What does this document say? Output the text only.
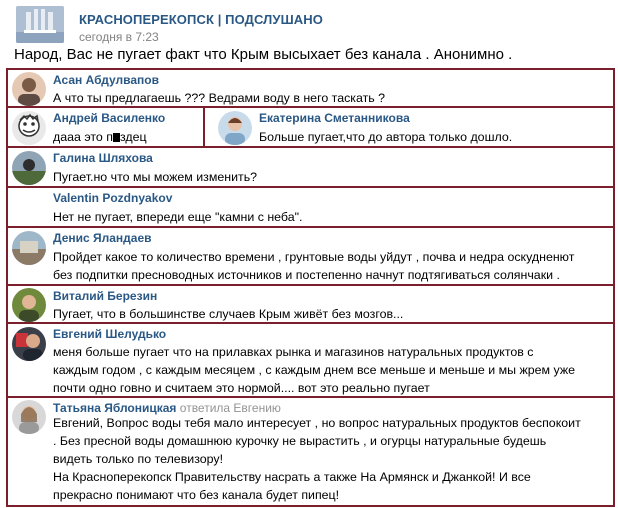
КРАСНОПЕРЕКОПСК | ПОДСЛУШАНО
сегодня в 7:23
Народ, Вас не пугает факт что Крым высыхает без канала . Анонимно .
Асан Абдулвапов
А что ты предлагаешь ??? Ведрами воду в него таскать ?
Андрей Василенко
дааа это п здец
Екатерина Сметанникова
Больше пугает,что до автора только дошло.
Галина Шляхова
Пугает.но что мы можем изменить?
Valentin Pozdnyakov
Нет не пугает, впереди еще "камни с неба".
Денис Яландаев
Пройдет какое то количество времени , грунтовые воды уйдут , почва и недра оскудненют
без подпитки пресноводных источников и постепенно начнут подтягиваться солянчаки .
Виталий Березин
Пугает, что в большинстве случаев Крым живёт без мозгов...
Евгений Шелудько
меня больше пугает что на прилавках рынка и магазинов натуральных продуктов с
каждым годом , с каждым месяцем , с каждым днем все меньше и меньше и мы жрем уже
почти одно говно и считаем это нормой.... вот это реально пугает
Татьяна Яблоницкая ответила Евгению
Евгений, Вопрос воды тебя мало интересует , но вопрос натуральных продуктов беспокоит
. Без пресной воды домашнюю курочку не вырастить , и огурцы натуральные будешь
видеть только по телевизору!
На Красноперекопск Правительству насрать а также На Армянск и Джанкой! И все
прекрасно понимают что без канала будет пипец!
